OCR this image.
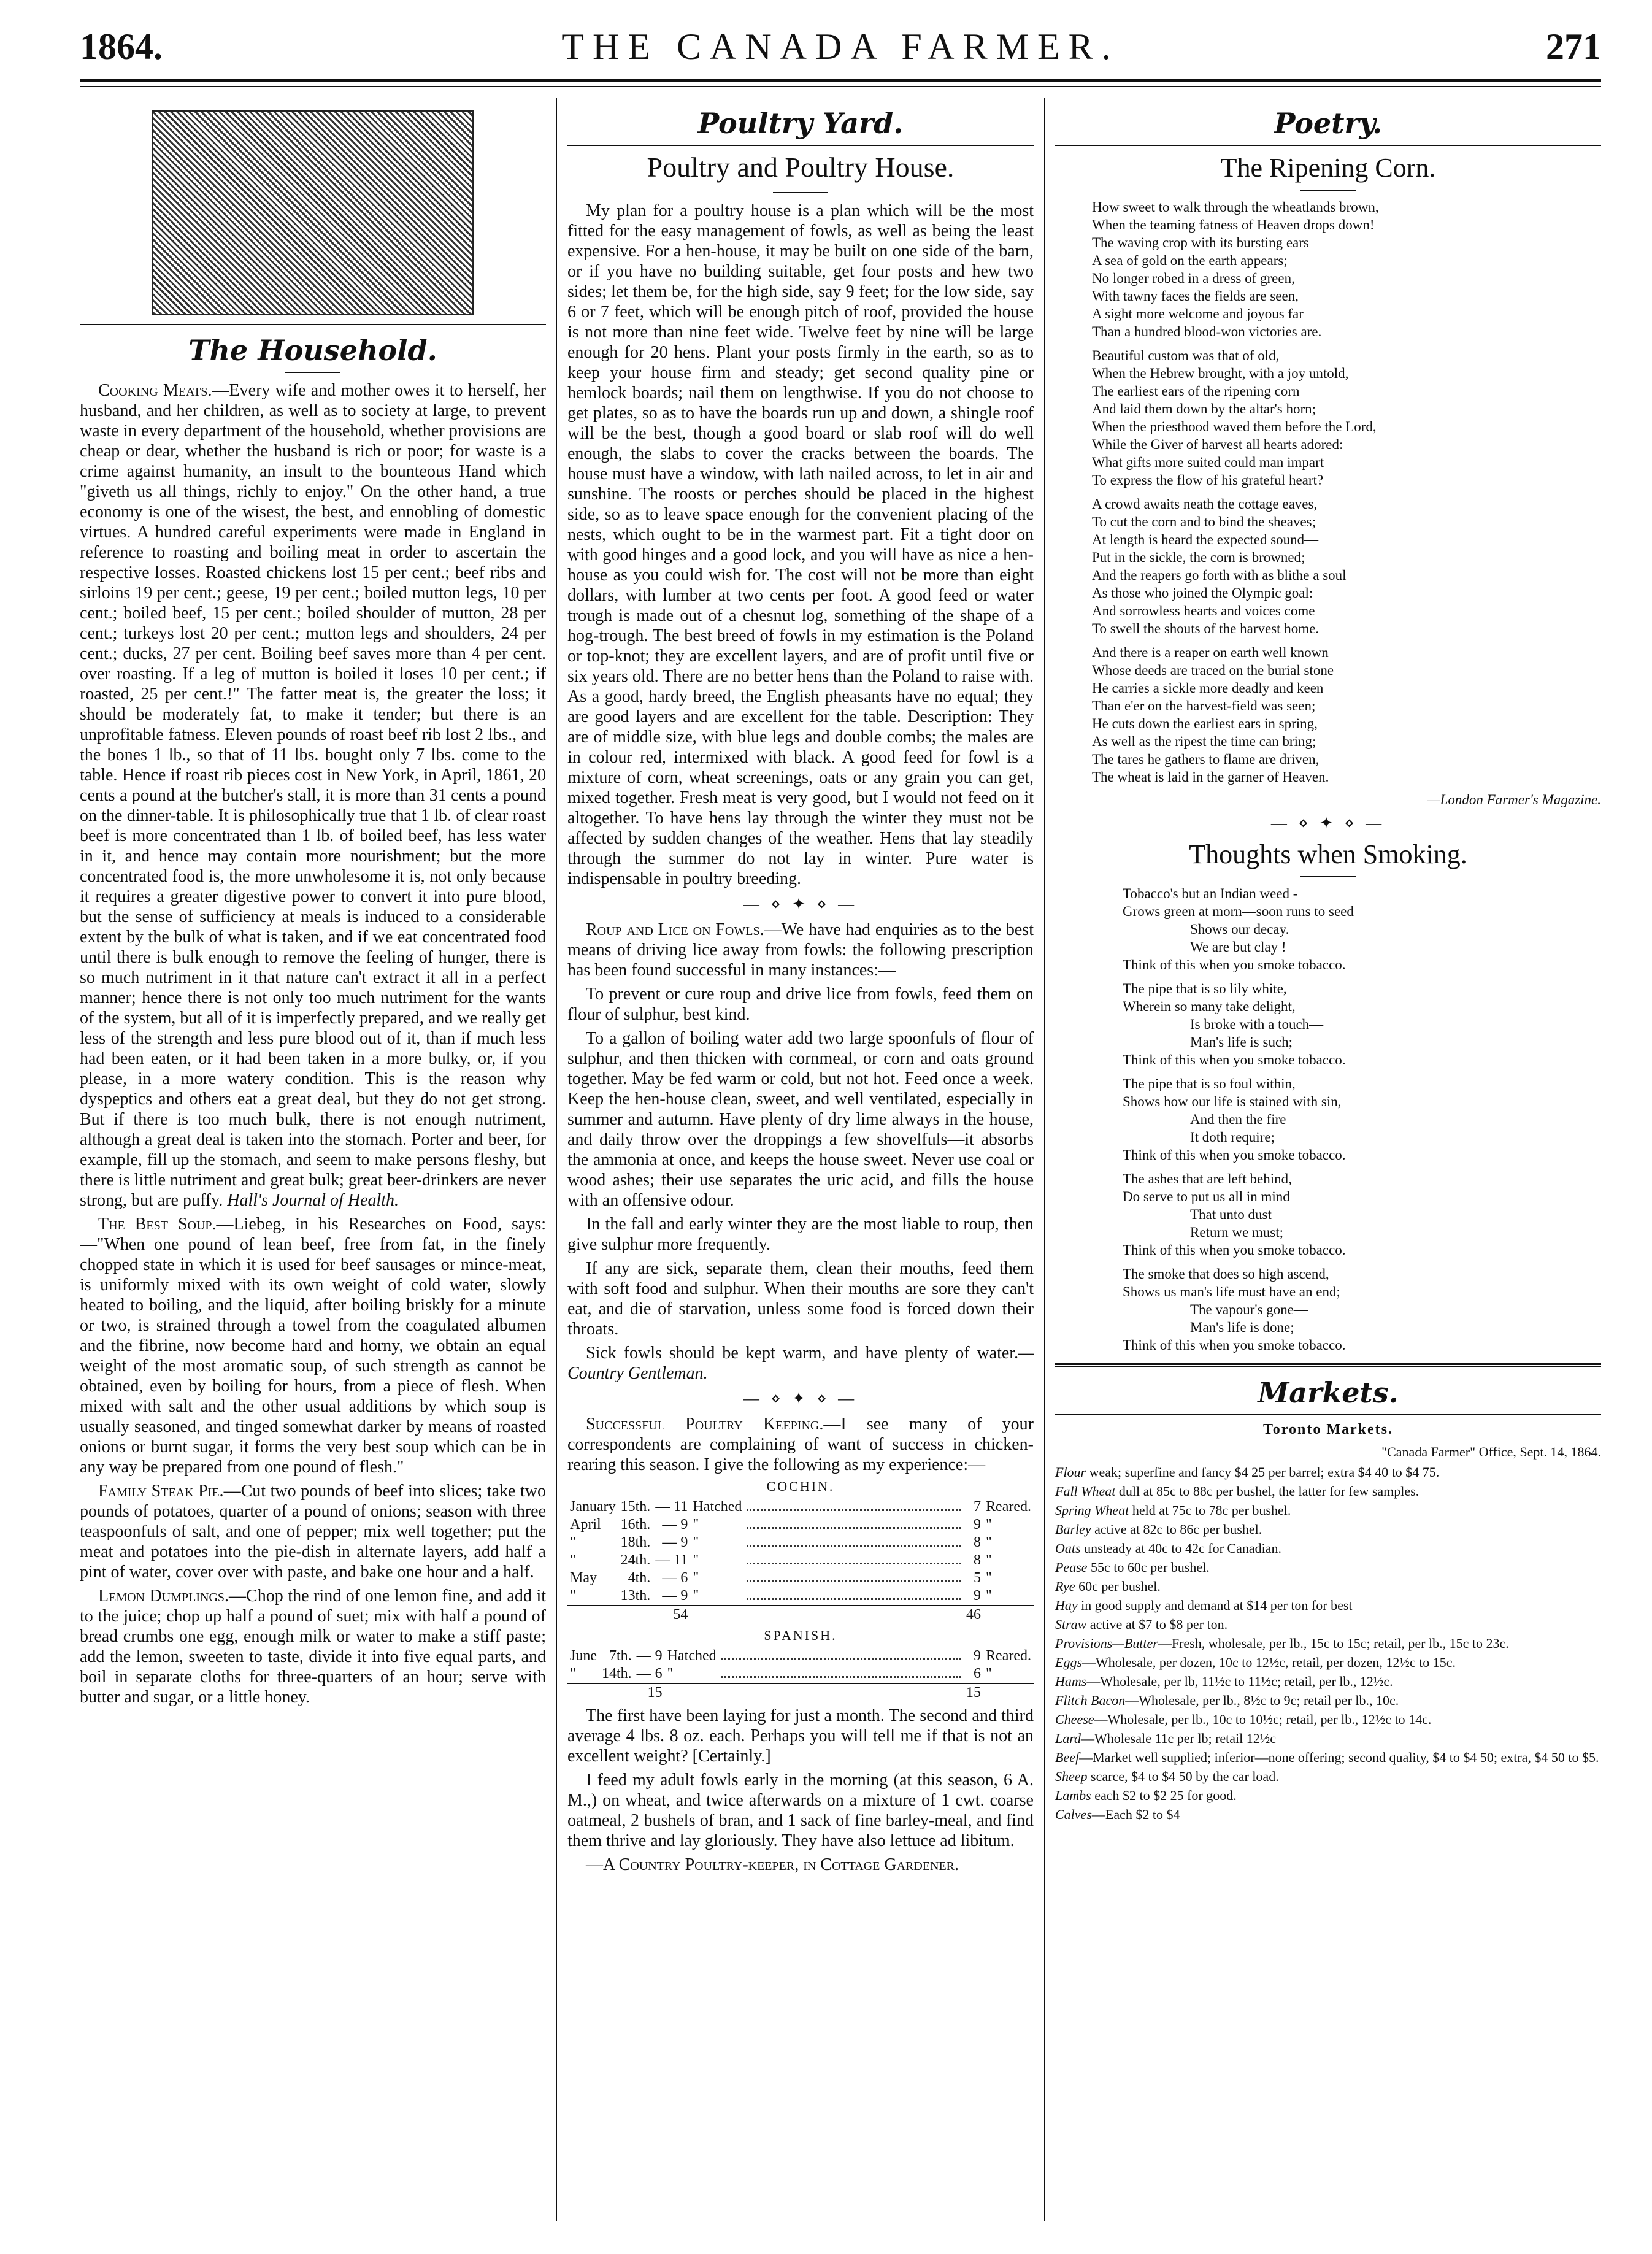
1864.	THE CANADA FARMER.	271
The Household.

Cooking Meats.—Every wife and mother owes it to herself, her husband, and her children, as well as to society at large, to prevent waste in every department of the household, whether provisions are cheap or dear, whether the husband is rich or poor; for waste is a crime against humanity, an insult to the bounteous Hand which "giveth us all things, richly to enjoy." On the other hand, a true economy is one of the wisest, the best, and ennobling of domestic virtues. A hundred careful experiments were made in England in reference to roasting and boiling meat in order to ascertain the respective losses. Roasted chickens lost 15 per cent.; beef ribs and sirloins 19 per cent.; geese, 19 per cent.; boiled mutton legs, 10 per cent.; boiled beef, 15 per cent.; boiled shoulder of mutton, 28 per cent.; turkeys lost 20 per cent.; mutton legs and shoulders, 24 per cent.; ducks, 27 per cent. Boiling beef saves more than 4 per cent. over roasting. If a leg of mutton is boiled it loses 10 per cent.; if roasted, 25 per cent.!" The fatter meat is, the greater the loss; it should be moderately fat, to make it tender; but there is an unprofitable fatness. Eleven pounds of roast beef rib lost 2 lbs., and the bones 1 lb., so that of 11 lbs. bought only 7 lbs. come to the table. Hence if roast rib pieces cost in New York, in April, 1861, 20 cents a pound at the butcher's stall, it is more than 31 cents a pound on the dinner-table. It is philosophically true that 1 lb. of clear roast beef is more concentrated than 1 lb. of boiled beef, has less water in it, and hence may contain more nourishment; but the more concentrated food is, the more unwholesome it is, not only because it requires a greater digestive power to convert it into pure blood, but the sense of sufficiency at meals is induced to a considerable extent by the bulk of what is taken, and if we eat concentrated food until there is bulk enough to remove the feeling of hunger, there is so much nutriment in it that nature can't extract it all in a perfect manner; hence there is not only too much nutriment for the wants of the system, but all of it is imperfectly prepared, and we really get less of the strength and less pure blood out of it, than if much less had been eaten, or it had been taken in a more bulky, or, if you please, in a more watery condition. This is the reason why dyspeptics and others eat a great deal, but they do not get strong. But if there is too much bulk, there is not enough nutriment, although a great deal is taken into the stomach. Porter and beer, for example, fill up the stomach, and seem to make persons fleshy, but there is little nutriment and great bulk; great beer-drinkers are never strong, but are puffy. Hall's Journal of Health.

The Best Soup.—Liebeg, in his Researches on Food, says:—"When one pound of lean beef, free from fat, in the finely chopped state in which it is used for beef sausages or mince-meat, is uniformly mixed with its own weight of cold water, slowly heated to boiling, and the liquid, after boiling briskly for a minute or two, is strained through a towel from the coagulated albumen and the fibrine, now become hard and horny, we obtain an equal weight of the most aromatic soup, of such strength as cannot be obtained, even by boiling for hours, from a piece of flesh. When mixed with salt and the other usual additions by which soup is usually seasoned, and tinged somewhat darker by means of roasted onions or burnt sugar, it forms the very best soup which can be in any way be prepared from one pound of flesh."

Family Steak Pie.—Cut two pounds of beef into slices; take two pounds of potatoes, quarter of a pound of onions; season with three teaspoonfuls of salt, and one of pepper; mix well together; put the meat and potatoes into the pie-dish in alternate layers, add half a pint of water, cover over with paste, and bake one hour and a half.

Lemon Dumplings.—Chop the rind of one lemon fine, and add it to the juice; chop up half a pound of suet; mix with half a pound of bread crumbs one egg, enough milk or water to make a stiff paste; add the lemon, sweeten to taste, divide it into five equal parts, and boil in separate cloths for three-quarters of an hour; serve with butter and sugar, or a little honey.

Poultry Yard.
Poultry and Poultry House.

My plan for a poultry house is a plan which will be the most fitted for the easy management of fowls, as well as being the least expensive. For a hen-house, it may be built on one side of the barn, or if you have no building suitable, get four posts and hew two sides; let them be, for the high side, say 9 feet; for the low side, say 6 or 7 feet, which will be enough pitch of roof, provided the house is not more than nine feet wide. Twelve feet by nine will be large enough for 20 hens. Plant your posts firmly in the earth, so as to keep your house firm and steady; get second quality pine or hemlock boards; nail them on lengthwise. If you do not choose to get plates, so as to have the boards run up and down, a shingle roof will be the best, though a good board or slab roof will do well enough, the slabs to cover the cracks between the boards. The house must have a window, with lath nailed across, to let in air and sunshine. The roosts or perches should be placed in the highest side, so as to leave space enough for the convenient placing of the nests, which ought to be in the warmest part. Fit a tight door on with good hinges and a good lock, and you will have as nice a hen-house as you could wish for. The cost will not be more than eight dollars, with lumber at two cents per foot. A good feed or water trough is made out of a chesnut log, something of the shape of a hog-trough. The best breed of fowls in my estimation is the Poland or top-knot; they are excellent layers, and are of profit until five or six years old. There are no better hens than the Poland to raise with. As a good, hardy breed, the English pheasants have no equal; they are good layers and are excellent for the table. Description: They are of middle size, with blue legs and double combs; the males are in colour red, intermixed with black. A good feed for fowl is a mixture of corn, wheat screenings, oats or any grain you can get, mixed together. Fresh meat is very good, but I would not feed on it altogether. To have hens lay through the winter they must not be affected by sudden changes of the weather. Hens that lay steadily through the summer do not lay in winter. Pure water is indispensable in poultry breeding.

— ⋄ ✦ ⋄ —

Roup and Lice on Fowls.—We have had enquiries as to the best means of driving lice away from fowls: the following prescription has been found successful in many instances:—

To prevent or cure roup and drive lice from fowls, feed them on flour of sulphur, best kind.

To a gallon of boiling water add two large spoonfuls of flour of sulphur, and then thicken with cornmeal, or corn and oats ground together. May be fed warm or cold, but not hot. Feed once a week. Keep the hen-house clean, sweet, and well ventilated, especially in summer and autumn. Have plenty of dry lime always in the house, and daily throw over the droppings a few shovelfuls—it absorbs the ammonia at once, and keeps the house sweet. Never use coal or wood ashes; their use separates the uric acid, and fills the house with an offensive odour.

In the fall and early winter they are the most liable to roup, then give sulphur more frequently.

If any are sick, separate them, clean their mouths, feed them with soft food and sulphur. When their mouths are sore they can't eat, and die of starvation, unless some food is forced down their throats.

Sick fowls should be kept warm, and have plenty of water.—Country Gentleman.

— ⋄ ✦ ⋄ —

Successful Poultry Keeping.—I see many of your correspondents are complaining of want of success in chicken-rearing this season. I give the following as my experience:—

COCHIN.
January	15th.	— 11	Hatched		7	Reared.
April	16th.	— 9	"		9	"
"	18th.	— 9	"		8	"
"	24th.	— 11	"		8	"
May	4th.	— 6	"		5	"
"	13th.	— 9	"		9	"
		54			46	
SPANISH.
June	7th.	— 9	Hatched		9	Reared.
"	14th.	— 6	"		6	"
		15			15	

The first have been laying for just a month. The second and third average 4 lbs. 8 oz. each. Perhaps you will tell me if that is not an excellent weight? [Certainly.]

I feed my adult fowls early in the morning (at this season, 6 A. M.,) on wheat, and twice afterwards on a mixture of 1 cwt. coarse oatmeal, 2 bushels of bran, and 1 sack of fine barley-meal, and find them thrive and lay gloriously. They have also lettuce ad libitum.

—A Country Poultry-keeper, in Cottage Gardener.

Poetry.
The Ripening Corn.
How sweet to walk through the wheatlands brown,
When the teaming fatness of Heaven drops down!
The waving crop with its bursting ears
A sea of gold on the earth appears;
No longer robed in a dress of green,
With tawny faces the fields are seen,
A sight more welcome and joyous far
Than a hundred blood-won victories are.
Beautiful custom was that of old,
When the Hebrew brought, with a joy untold,
The earliest ears of the ripening corn
And laid them down by the altar's horn;
When the priesthood waved them before the Lord,
While the Giver of harvest all hearts adored:
What gifts more suited could man impart
To express the flow of his grateful heart?
A crowd awaits neath the cottage eaves,
To cut the corn and to bind the sheaves;
At length is heard the expected sound—
Put in the sickle, the corn is browned;
And the reapers go forth with as blithe a soul
As those who joined the Olympic goal:
And sorrowless hearts and voices come
To swell the shouts of the harvest home.
And there is a reaper on earth well known
Whose deeds are traced on the burial stone
He carries a sickle more deadly and keen
Than e'er on the harvest-field was seen;
He cuts down the earliest ears in spring,
As well as the ripest the time can bring;
The tares he gathers to flame are driven,
The wheat is laid in the garner of Heaven.
—London Farmer's Magazine.
— ⋄ ✦ ⋄ —
Thoughts when Smoking.
Tobacco's but an Indian weed -
Grows green at morn—soon runs to seed
Shows our decay.
We are but clay !
Think of this when you smoke tobacco.
The pipe that is so lily white,
Wherein so many take delight,
Is broke with a touch—
Man's life is such;
Think of this when you smoke tobacco.
The pipe that is so foul within,
Shows how our life is stained with sin,
And then the fire
It doth require;
Think of this when you smoke tobacco.
The ashes that are left behind,
Do serve to put us all in mind
That unto dust
Return we must;
Think of this when you smoke tobacco.
The smoke that does so high ascend,
Shows us man's life must have an end;
The vapour's gone—
Man's life is done;
Think of this when you smoke tobacco.
Markets.
Toronto Markets.
"Canada Farmer" Office, Sept. 14, 1864.

Flour weak; superfine and fancy $4 25 per barrel; extra $4 40 to $4 75.

Fall Wheat dull at 85c to 88c per bushel, the latter for few samples.

Spring Wheat held at 75c to 78c per bushel.

Barley active at 82c to 86c per bushel.

Oats unsteady at 40c to 42c for Canadian.

Pease 55c to 60c per bushel.

Rye 60c per bushel.

Hay in good supply and demand at $14 per ton for best

Straw active at $7 to $8 per ton.

Provisions—Butter—Fresh, wholesale, per lb., 15c to 15c; retail, per lb., 15c to 23c.

Eggs—Wholesale, per dozen, 10c to 12½c, retail, per dozen, 12½c to 15c.

Hams—Wholesale, per lb, 11½c to 11½c; retail, per lb., 12½c.

Flitch Bacon—Wholesale, per lb., 8½c to 9c; retail per lb., 10c.

Cheese—Wholesale, per lb., 10c to 10½c; retail, per lb., 12½c to 14c.

Lard—Wholesale 11c per lb; retail 12½c

Beef—Market well supplied; inferior—none offering; second quality, $4 to $4 50; extra, $4 50 to $5.

Sheep scarce, $4 to $4 50 by the car load.

Lambs each $2 to $2 25 for good.

Calves—Each $2 to $4
